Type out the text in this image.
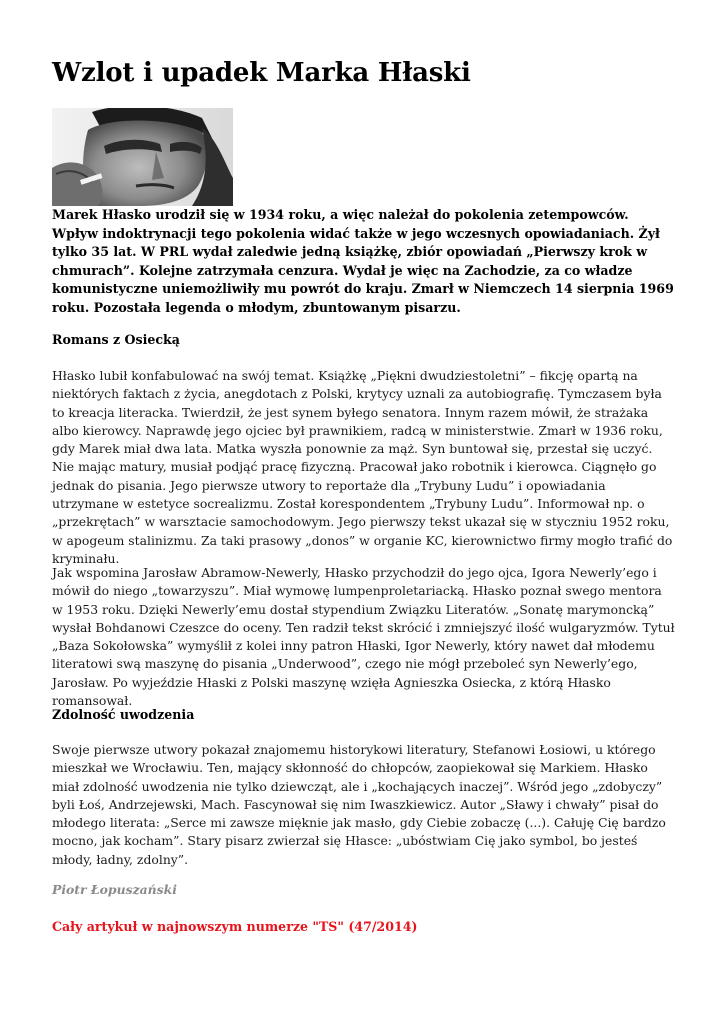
Wzlot i upadek Marka Hłaski

Marek Hłasko urodził się w 1934 roku, a więc należał do pokolenia zetempowców. Wpływ indoktrynacji tego pokolenia widać także w jego wczesnych opowiadaniach. Żył tylko 35 lat. W PRL wydał zaledwie jedną książkę, zbiór opowiadań „Pierwszy krok w chmurach”. Kolejne zatrzymała cenzura. Wydał je więc na Zachodzie, za co władze komunistyczne uniemożliwiły mu powrót do kraju. Zmarł w Niemczech 14 sierpnia 1969 roku. Pozostała legenda o młodym, zbuntowanym pisarzu.

Romans z Osiecką

Hłasko lubił konfabulować na swój temat. Książkę „Piękni dwudziestoletni” – fikcję opartą na niektórych faktach z życia, anegdotach z Polski, krytycy uznali za autobiografię. Tymczasem była to kreacja literacka. Twierdził, że jest synem byłego senatora. Innym razem mówił, że strażaka albo kierowcy. Naprawdę jego ojciec był prawnikiem, radcą w ministerstwie. Zmarł w 1936 roku, gdy Marek miał dwa lata. Matka wyszła ponownie za mąż. Syn buntował się, przestał się uczyć. Nie mając matury, musiał podjąć pracę fizyczną. Pracował jako robotnik i kierowca. Ciągnęło go jednak do pisania. Jego pierwsze utwory to reportaże dla „Trybuny Ludu” i opowiadania utrzymane w estetyce socrealizmu. Został korespondentem „Trybuny Ludu”. Informował np. o „przekrętach” w warsztacie samochodowym. Jego pierwszy tekst ukazał się w styczniu 1952 roku, w apogeum stalinizmu. Za taki prasowy „donos” w organie KC, kierownictwo firmy mogło trafić do kryminału.

Jak wspomina Jarosław Abramow-Newerly, Hłasko przychodził do jego ojca, Igora Newerly’ego i mówił do niego „towarzyszu”. Miał wymowę lumpenproletariacką. Hłasko poznał swego mentora w 1953 roku. Dzięki Newerly’emu dostał stypendium Związku Literatów. „Sonatę marymoncką” wysłał Bohdanowi Czeszce do oceny. Ten radził tekst skrócić i zmniejszyć ilość wulgaryzmów. Tytuł „Baza Sokołowska” wymyślił z kolei inny patron Hłaski, Igor Newerly, który nawet dał młodemu literatowi swą maszynę do pisania „Underwood”, czego nie mógł przeboleć syn Newerly’ego, Jarosław. Po wyjeździe Hłaski z Polski maszynę wzięła Agnieszka Osiecka, z którą Hłasko romansował.

Zdolność uwodzenia

Swoje pierwsze utwory pokazał znajomemu historykowi literatury, Stefanowi Łosiowi, u którego mieszkał we Wrocławiu. Ten, mający skłonność do chłopców, zaopiekował się Markiem. Hłasko miał zdolność uwodzenia nie tylko dziewcząt, ale i „kochających inaczej”. Wśród jego „zdobyczy” byli Łoś, Andrzejewski, Mach. Fascynował się nim Iwaszkiewicz. Autor „Sławy i chwały” pisał do młodego literata: „Serce mi zawsze mięknie jak masło, gdy Ciebie zobaczę (...). Całuję Cię bardzo mocno, jak kocham”. Stary pisarz zwierzał się Hłasce: „ubóstwiam Cię jako symbol, bo jesteś młody, ładny, zdolny”.

Piotr Łopuszański

Cały artykuł w najnowszym numerze "TS" (47/2014)
